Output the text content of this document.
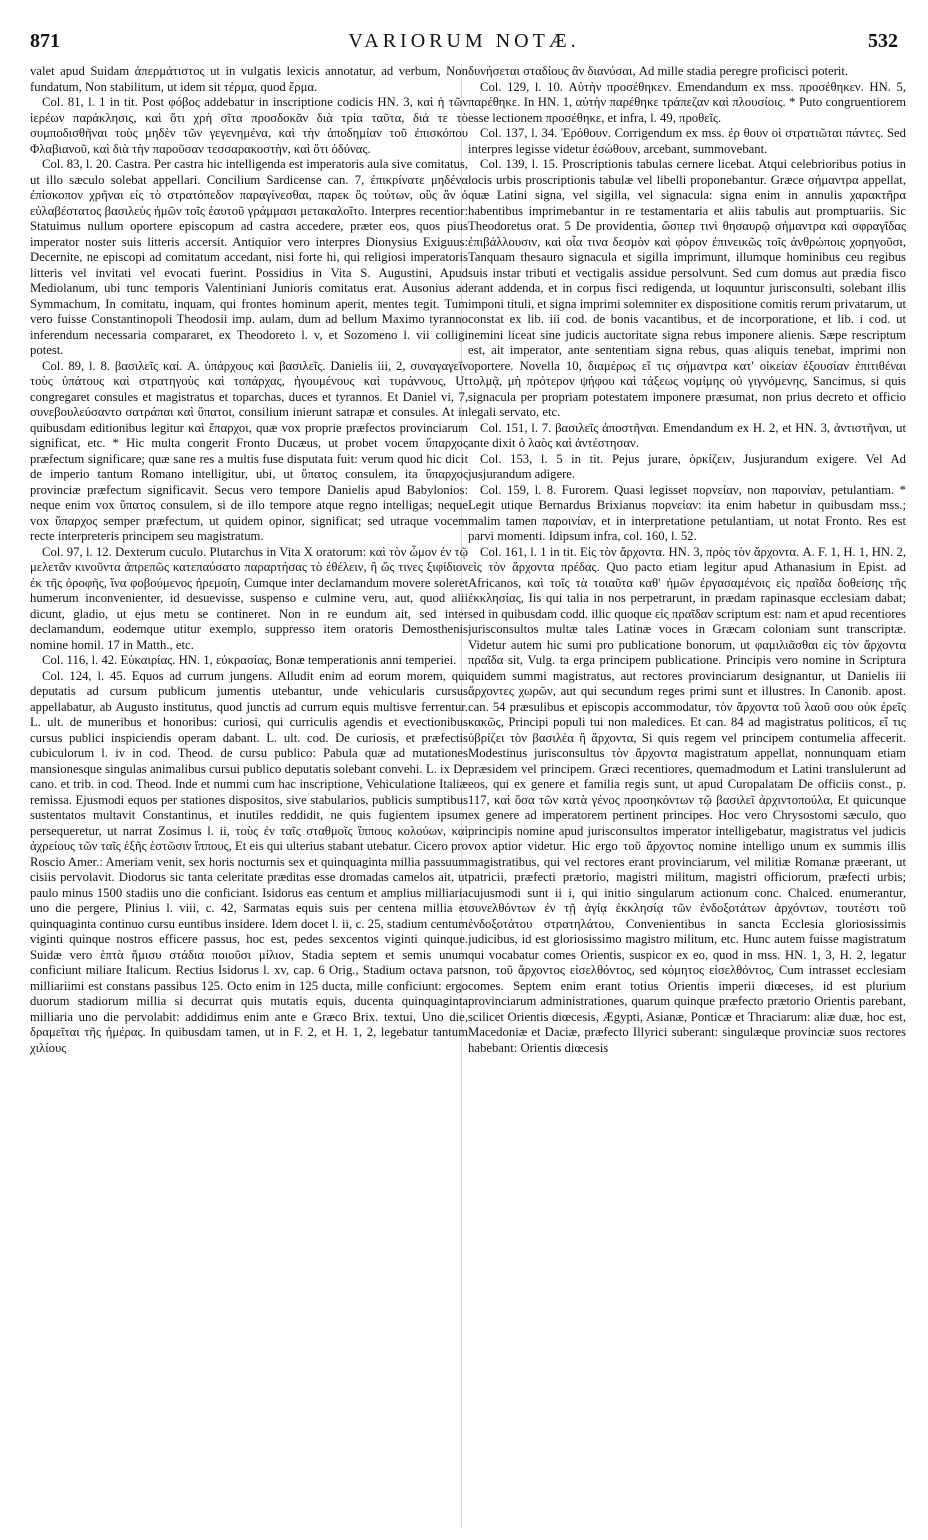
871	VARIORUM NOTÆ.	532

valet apud Suidam ἀπερμάτιστος ut in vulgatis lexicis annotatur, ad verbum, Non fundatum, Non stabilitum, ut idem sit τέρμα, quod ἔρμα.

Col. 81, l. 1 in tit. Post φόβος addebatur in inscriptione codicis HN. 3, καὶ ἡ τῶν ἱερέων παράκλησις, καὶ ὅτι χρὴ σῖτα προσδοκᾶν διὰ τρία ταῦτα, διά τε τὸ συμποδισθῆναι τοὺς μηδὲν τῶν γεγενημένα, καὶ τὴν ἀποδημίαν τοῦ ἐπισκόπου Φλαβιανοῦ, καὶ διὰ τὴν παροῦσαν τεσσαρακοστὴν, καὶ ὅτι ὀδύνας.

Col. 83, l. 20. Castra. Per castra hic intelligenda est imperatoris aula sive comitatus, ut illo sæculo solebat appellari. Concilium Sardicense can. 7, ἐπικρίνατε μηδένα ἐπίσκοπον χρῆναι εἰς τὸ στρατόπεδον παραγίνεσθαι, παρεκ ὅς τούτων, οὓς ἂν ὁ εὐλαβέστατος βασιλεὺς ἡμῶν τοῖς ἑαυτοῦ γράμμασι μετακαλοῖτο. Interpres recentior: Statuimus nullum oportere episcopum ad castra accedere, præter eos, quos pius imperator noster suis litteris accersit. Antiquior vero interpres Dionysius Exiguus: Decernite, ne episcopi ad comitatum accedant, nisi forte hi, qui religiosi imperatoris litteris vel invitati vel evocati fuerint. Possidius in Vita S. Augustini, Apud Mediolanum, ubi tunc temporis Valentiniani Junioris comitatus erat. Ausonius ad Symmachum, In comitatu, inquam, qui frontes hominum aperit, mentes tegit. Tum vero fuisse Constantinopoli Theodosii imp. aulam, dum ad bellum Maximo tyranno inferendum necessaria compararet, ex Theodoreto l. v, et Sozomeno l. vii colligi potest.

Col. 89, l. 8. βασιλεῖς καί. A. ὑπάρχους καὶ βασιλεῖς. Danielis iii, 2, συναγαγεῖν τοὺς ὑπάτους καὶ στρατηγοὺς καὶ τοπάρχας, ἡγουμένους καὶ τυράννους, Ut congregaret consules et magistratus et toparchas, duces et tyrannos. Et Daniel vi, 7, συνεβουλεύσαντο σατράπαι καὶ ὕπατοι, consilium inierunt satrapæ et consules. At in quibusdam editionibus legitur καὶ ἔπαρχοι, quæ vox proprie præfectos provinciarum significat, etc. * Hic multa congerit Fronto Ducæus, ut probet vocem ὕπαρχος præfectum significare; quæ sane res a multis fuse disputata fuit: verum quod hic dicit de imperio tantum Romano intelligitur, ubi, ut ὕπατος consulem, ita ὕπαρχος provinciæ præfectum significavit. Secus vero tempore Danielis apud Babylonios: neque enim vox ὕπατος consulem, si de illo tempore atque regno intelligas; neque vox ὕπαρχος semper præfectum, ut quidem opinor, significat; sed utraque vocem recte interpreteris principem seu magistratum.

Col. 97, l. 12. Dexterum cuculo. Plutarchus in Vita X oratorum: καὶ τὸν ὦμον ἐν τῷ μελετᾶν κινοῦντα ἀπρεπῶς κατεπαύσατο παραρτήσας τὸ ἐθέλειν, ἢ ὥς τινες ξιφίδιον ἐκ τῆς ὀροφῆς, ἵνα φοβούμενος ἠρεμοίη, Cumque inter declamandum movere soleret humerum inconvenienter, id desuevisse, suspenso e culmine veru, aut, quod alii dicunt, gladio, ut ejus metu se contineret. Non in re eundum ait, sed inter declamandum, eodemque utitur exemplo, suppresso item oratoris Demosthenis nomine homil. 17 in Matth., etc.

Col. 116, l. 42. Εὐκαιρίας. HN. 1, εὐκρασίας, Bonæ temperationis anni temperiei.

Col. 124, l. 45. Equos ad currum jungens. Alludit enim ad eorum morem, qui deputatis ad cursum publicum jumentis utebantur, unde vehicularis cursus appellabatur, ab Augusto institutus, quod junctis ad currum equis multisve ferrentur. L. ult. de muneribus et honoribus: curiosi, qui curriculis agendis et evectionibus cursus publici inspiciendis operam dabant. L. ult. cod. De curiosis, et præfectis cubiculorum l. iv in cod. Theod. de cursu publico: Pabula quæ ad mutationes mansionesque singulas animalibus cursui publico deputatis solebant convehi. L. ix De cano. et trib. in cod. Theod. Inde et nummi cum hac inscriptione, Vehiculatione Italiæ remissa. Ejusmodi equos per stationes dispositos, sive stabularios, publicis sumptibus sustentatos multavit Constantinus, et inutiles reddidit, ne quis fugientem ipsum persequeretur, ut narrat Zosimus l. ii, τοὺς ἐν ταῖς σταθμοῖς ἵππους κολούων, καὶ ἀχρείους τῶν ταῖς ἑξῆς ἑστῶσιν ἵππους, Et eis qui ulterius stabant utebatur. Cicero pro Roscio Amer.: Ameriam venit, sex horis nocturnis sex et quinquaginta millia passuum cisiis pervolavit. Diodorus sic tanta celeritate præditas esse dromadas camelos ait, ut paulo minus 1500 stadiis uno die conficiant. Isidorus eas centum et amplius milliaria uno die pergere, Plinius l. viii, c. 42, Sarmatas equis suis per centena millia et quinquaginta continuo cursu euntibus insidere. Idem docet l. ii, c. 25, stadium centum viginti quinque nostros efficere passus, hoc est, pedes sexcentos viginti quinque. Suidæ vero ἑπτὰ ἥμισυ στάδια ποιοῦσι μίλιον, Stadia septem et semis unum conficiunt miliare Italicum. Rectius Isidorus l. xv, cap. 6 Orig., Stadium octava pars milliariimi est constans passibus 125. Octo enim in 125 ducta, mille conficiunt: ergo duorum stadiorum millia si decurrat quis mutatis equis, ducenta quinquaginta milliaria uno die pervolabit: addidimus enim ante e Græco Brix. textui, Uno die, δραμεῖται τῆς ἡμέρας. In quibusdam tamen, ut in F. 2, et H. 1, 2, legebatur tantum χιλίους

δυνήσεται σταδίους ἂν διανύσαι, Ad mille stadia peregre proficisci poterit.

Col. 129, l. 10. Αὐτὴν προσέθηκεν. Emendandum ex mss. προσέθηκεν. HN. 5, παρέθηκε. In HN. 1, αὐτὴν παρέθηκε τράπεζαν καὶ πλουσίοις. * Puto congruentiorem esse lectionem προσέθηκε, et infra, l. 49, προθεῖς.

Col. 137, l. 34. Ἐρόθουν. Corrigendum ex mss. ἐρ θουν οἱ στρατιῶται πάντες. Sed interpres legisse videtur ἐσώθουν, arcebant, summovebant.

Col. 139, l. 15. Proscriptionis tabulas cernere licebat. Atqui celebrioribus potius in locis urbis proscriptionis tabulæ vel libelli proponebantur. Græce σήμαντρα appellat, quæ Latini signa, vel sigilla, vel signacula: signa enim in annulis χαρακτῆρα habentibus imprimebantur in re testamentaria et aliis tabulis aut promptuariis. Sic Theodoretus orat. 5 De providentia, ὥσπερ τινὶ θησαυρῷ σήμαντρα καὶ σφραγῖδας ἐπιβάλλουσιν, καὶ οἷα τινα δεσμὸν καὶ φόρον ἐπινεικῶς τοῖς ἀνθρώποις χορηγοῦσι, Tanquam thesauro signacula et sigilla imprimunt, illumque hominibus ceu regibus suis instar tributi et vectigalis assidue persolvunt. Sed cum domus aut prædia fisco erant addenda, et in corpus fisci redigenda, ut loquuntur jurisconsulti, solebant illis imponi tituli, et signa imprimi solemniter ex dispositione comitis rerum privatarum, ut constat ex lib. iii cod. de bonis vacantibus, et de incorporatione, et lib. i cod. ut nemini liceat sine judicis auctoritate signa rebus imponere alienis. Sæpe rescriptum est, ait imperator, ante sententiam signa rebus, quas aliquis tenebat, imprimi non oportere. Novella 10, διαμέρως εἴ τις σήμαντρα κατ' οἰκείαν ἐξουσίαν ἐπιτιθέναι τολμᾷ, μὴ πρότερον ψήφου καὶ τάξεως νομίμης οὐ γιγνόμενης, Sancimus, si quis signacula per propriam potestatem imponere præsumat, non prius decreto et officio legali servato, etc.

Col. 151, l. 7. βασιλεῖς ἀποστῆναι. Emendandum ex H. 2, et HN. 3, ἀντιστῆναι, ut ante dixit ὁ λαὸς καὶ ἀντέστησαν.

Col. 153, l. 5 in tit. Pejus jurare, ὁρκίζειν, Jusjurandum exigere. Vel Ad jusjurandum adigere.

Col. 159, l. 8. Furorem. Quasi legisset πορνείαν, non παροινίαν, petulantiam. * Legit utique Bernardus Brixianus πορνείαν: ita enim habetur in quibusdam mss.; malim tamen παροινίαν, et in interpretatione petulantiam, ut notat Fronto. Res est parvi momenti. Idipsum infra, col. 160, l. 52.

Col. 161, l. 1 in tit. Εἰς τὸν ἄρχοντα. HN. 3, πρὸς τὸν ἄρχοντα. A. F. 1, H. 1, HN. 2, εἰς τὸν ἄρχοντα πρέδας. Quo pacto etiam legitur apud Athanasium in Epist. ad Africanos, καὶ τοῖς τὰ τοιαῦτα καθ' ἡμῶν ἐργασαμένοις εἰς πραῖδα δοθείσης τῆς ἐκκλησίας, Iis qui talia in nos perpetrarunt, in prædam rapinasque ecclesiam dabat; sed in quibusdam codd. illic quoque εἰς πραῖδαν scriptum est: nam et apud recentiores jurisconsultos multæ tales Latinæ voces in Græcam coloniam sunt transcriptæ. Videtur autem hic sumi pro publicatione bonorum, ut φαμιλιᾶσθαι εἰς τὸν ἄρχοντα πραῖδα sit, Vulg. ta erga principem publicatione. Principis vero nomine in Scriptura quidem summi magistratus, aut rectores provinciarum designantur, ut Danielis iii ἄρχοντες χωρῶν, aut qui secundum reges primi sunt et illustres. In Canonib. apost. can. 54 præsulibus et episcopis accommodatur, τὸν ἄρχοντα τοῦ λαοῦ σου οὐκ ἐρεῖς κακῶς, Principi populi tui non maledices. Et can. 84 ad magistratus politicos, εἴ τις ὑβρίζει τὸν βασιλέα ἢ ἄρχοντα, Si quis regem vel principem contumelia affecerit. Modestinus jurisconsultus τὸν ἄρχοντα magistratum appellat, nonnunquam etiam præsidem vel principem. Græci recentiores, quemadmodum et Latini translulerunt ad eos, qui ex genere et familia regis sunt, ut apud Curopalatam De officiis const., p. 117, καὶ ὅσα τῶν κατὰ γένος προσηκόντων τῷ βασιλεῖ ἀρχιντοπούλα, Et quicunque ex genere ad imperatorem pertinent principes. Hoc vero Chrysostomi sæculo, quo principis nomine apud jurisconsultos imperator intelligebatur, magistratus vel judicis vox aptior videtur. Hic ergo τοῦ ἄρχοντος nomine intelligo unum ex summis illis magistratibus, qui vel rectores erant provinciarum, vel militiæ Romanæ præerant, ut patricii, præfecti prætorio, magistri militum, magistri officiorum, præfecti urbis; cujusmodi sunt ii i, qui initio singularum actionum conc. Chalced. enumerantur, συνελθόντων ἐν τῇ ἁγίᾳ ἐκκλησίᾳ τῶν ἐνδοξοτάτων ἀρχόντων, τουτέστι τοῦ ἐνδοξοτάτου στρατηλάτου, Convenientibus in sancta Ecclesia gloriosissimis judicibus, id est gloriosissimo magistro militum, etc. Hunc autem fuisse magistratum qui vocabatur comes Orientis, suspicor ex eo, quod in mss. HN. 1, 3, H. 2, legatur non, τοῦ ἄρχοντος εἰσελθόντος, sed κόμητος εἰσελθόντος, Cum intrasset ecclesiam comes. Septem enim erant totius Orientis imperii diœceses, id est plurium provinciarum administrationes, quarum quinque præfecto prætorio Orientis parebant, scilicet Orientis diœcesis, Ægypti, Asianæ, Ponticæ et Thraciarum: aliæ duæ, hoc est, Macedoniæ et Daciæ, præfecto Illyrici suberant: singulæque provinciæ suos rectores habebant: Orientis diœcesis
